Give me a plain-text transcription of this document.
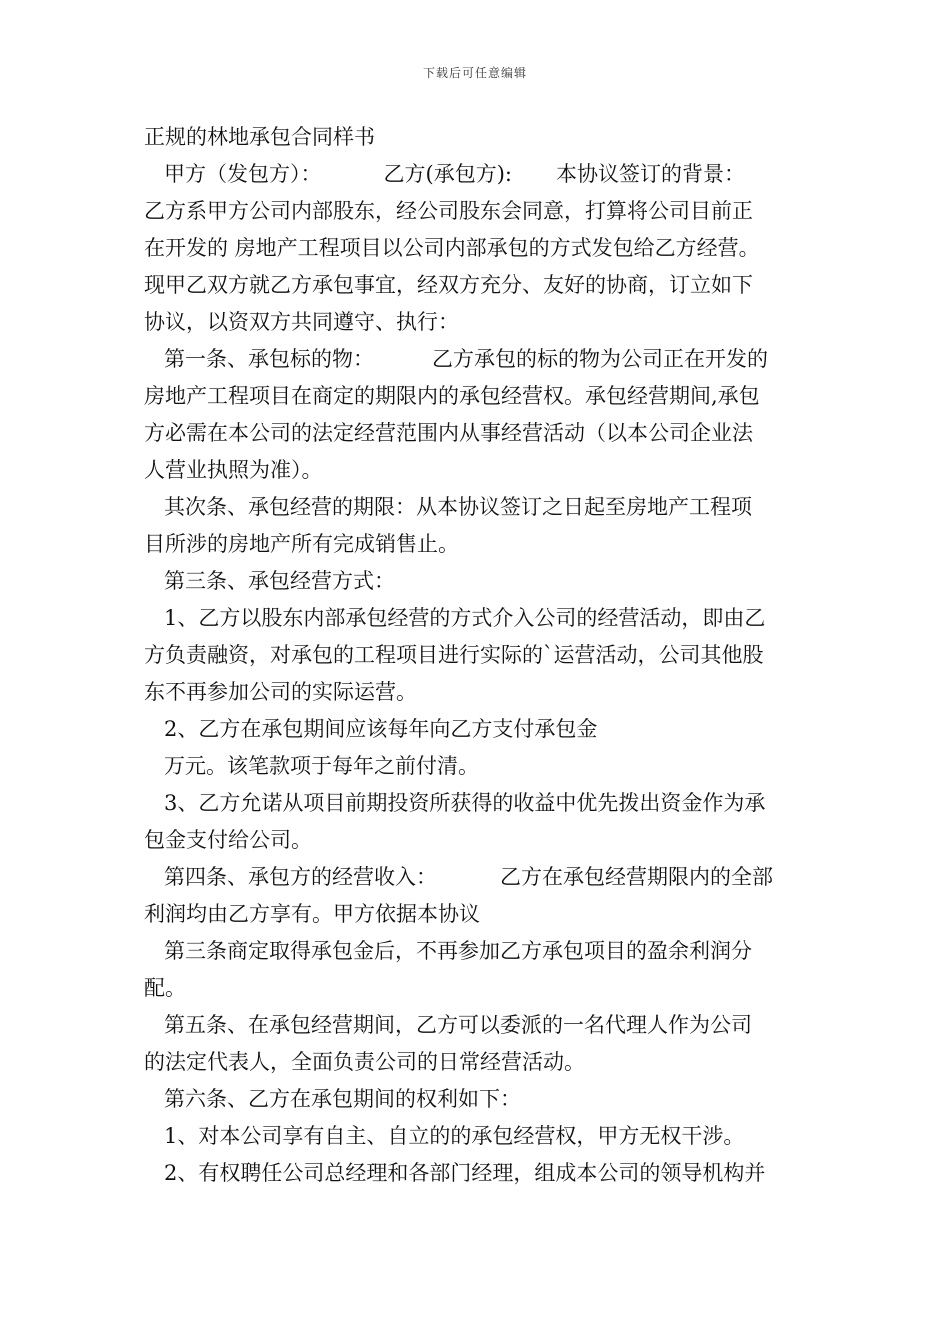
下载后可任意编辑
正规的林地承包合同样书
甲方（发包方）：	乙方(承包方): 本协议签订的背景：
乙方系甲方公司内部股东，经公司股东会同意，打算将公司目前正
在开发的 房地产工程项目以公司内部承包的方式发包给乙方经营。
现甲乙双方就乙方承包事宜，经双方充分、友好的协商，订立如下
协议，以资双方共同遵守、执行：
第一条、承包标的物：	乙方承包的标的物为公司正在开发的
房地产工程项目在商定的期限内的承包经营权。承包经营期间,承包
方必需在本公司的法定经营范围内从事经营活动（以本公司企业法
人营业执照为准）。
其次条、承包经营的期限：从本协议签订之日起至房地产工程项
目所涉的房地产所有完成销售止。
第三条、承包经营方式：
1、乙方以股东内部承包经营的方式介入公司的经营活动，即由乙
方负责融资，对承包的工程项目进行实际的`运营活动，公司其他股
东不再参加公司的实际运营。
2、乙方在承包期间应该每年向乙方支付承包金
万元。该笔款项于每年之前付清。
3、乙方允诺从项目前期投资所获得的收益中优先拨出资金作为承
包金支付给公司。
第四条、承包方的经营收入：	乙方在承包经营期限内的全部
利润均由乙方享有。甲方依据本协议
第三条商定取得承包金后，不再参加乙方承包项目的盈余利润分
配。
第五条、在承包经营期间，乙方可以委派的一名代理人作为公司
的法定代表人，全面负责公司的日常经营活动。
第六条、乙方在承包期间的权利如下：
1、对本公司享有自主、自立的的承包经营权，甲方无权干涉。
2、有权聘任公司总经理和各部门经理，组成本公司的领导机构并
